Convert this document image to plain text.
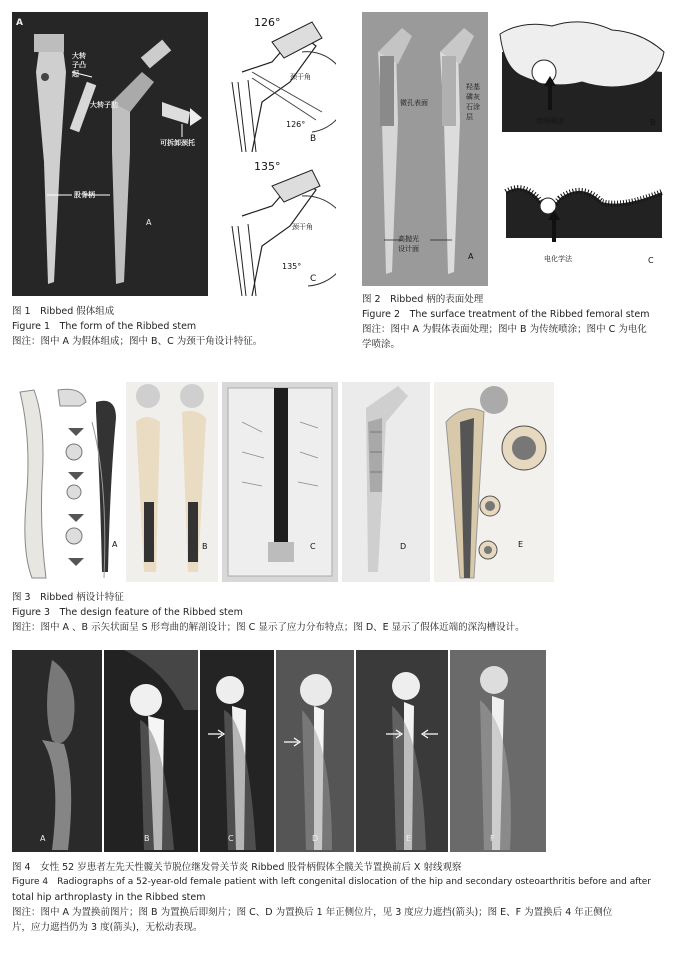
A
大转
子凸
起
大转子肋
可拆卸颈托
股骨柄
A
126°
颈干角
126°
B
135°
颈干角
135°
C
图 1　Ribbed 假体组成
Figure 1　The form of the Ribbed stem
图注：图中 A 为假体组成；图中 B、C 为颈干角设计特征。
微孔表面
羟基
磷灰
石涂
层
高抛光
设计面
A
传统喷涂	B
电化学法	C
图 2　Ribbed 柄的表面处理
Figure 2　The surface treatment of the Ribbed femoral stem
图注：图中 A 为假体表面处理；图中 B 为传统喷涂；图中 C 为电化
学喷涂。
A	B	C	D	E
图 3　Ribbed 柄设计特征
Figure 3　The design feature of the Ribbed stem
图注：图中 A 、B 示矢状面呈 S 形弯曲的解剖设计；图 C 显示了应力分布特点；图 D、E 显示了假体近端的深沟槽设计。
A	B	C	D	E	F
图 4　女性 52 岁患者左先天性髋关节脱位继发骨关节炎 Ribbed 股骨柄假体全髋关节置换前后 X 射线观察
Figure 4　Radiographs of a 52-year-old female patient with left congenital dislocation of the hip and secondary osteoarthritis before and after
total hip arthroplasty in the Ribbed stem
图注：图中 A 为置换前图片；图 B 为置换后即刻片；图 C、D 为置换后 1 年正侧位片，见 3 度应力遮挡(箭头)；图 E、F 为置换后 4 年正侧位
片，应力遮挡仍为 3 度(箭头)，无松动表现。
